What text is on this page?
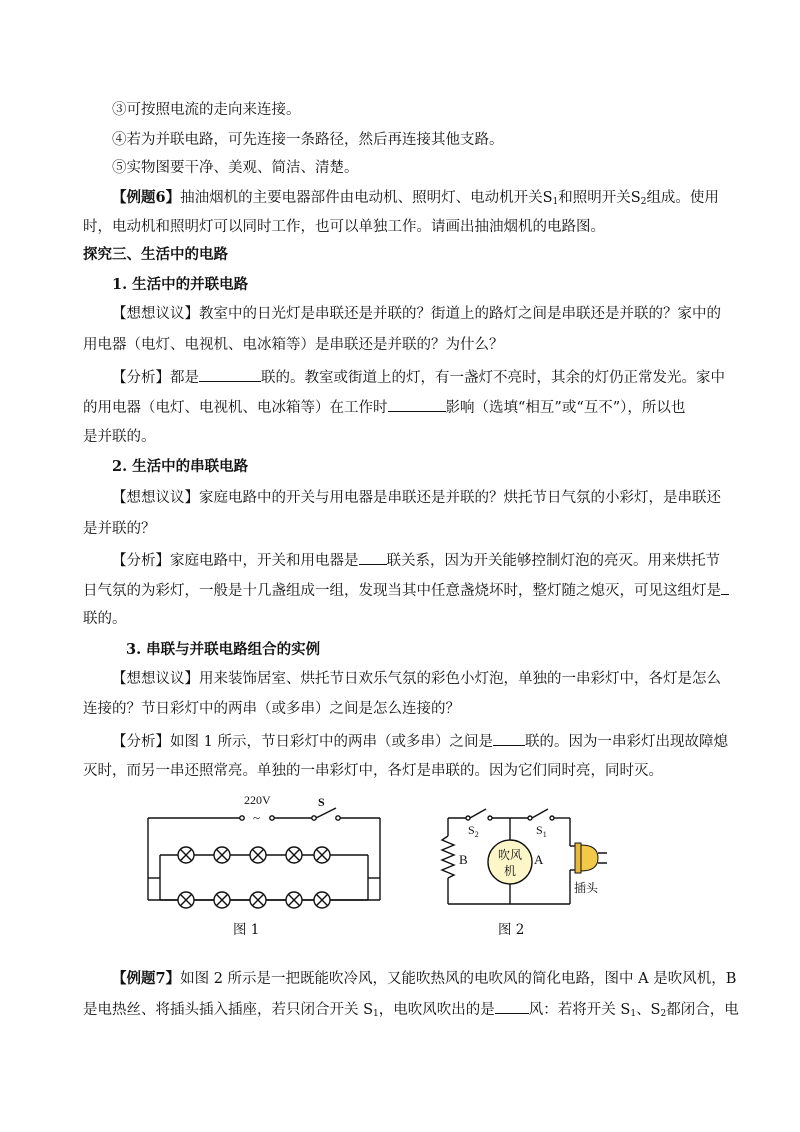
③可按照电流的走向来连接。
④若为并联电路，可先连接一条路径，然后再连接其他支路。
⑤实物图要干净、美观、简洁、清楚。
【例题6】抽油烟机的主要电器部件由电动机、照明灯、电动机开关$S_1$和照明开关$S_2$组成。使用
时，电动机和照明灯可以同时工作，也可以单独工作。请画出抽油烟机的电路图。
探究三、生活中的电路
1. 生活中的并联电路
【想想议议】教室中的日光灯是串联还是并联的？街道上的路灯之间是串联还是并联的？家中的
用电器（电灯、电视机、电冰箱等）是串联还是并联的？为什么？
【分析】都是	联的。教室或街道上的灯，有一盏灯不亮时，其余的灯仍正常发光。家中
的用电器（电灯、电视机、电冰箱等）在工作时	影响（选填“相互”或“互不”），所以也
是并联的。
2. 生活中的串联电路
【想想议议】家庭电路中的开关与用电器是串联还是并联的？烘托节日气氛的小彩灯，是串联还
是并联的？
【分析】家庭电路中，开关和用电器是 联关系，因为开关能够控制灯泡的亮灭。用来烘托节
日气氛的为彩灯，一般是十几盏组成一组，发现当其中任意盏烧坏时，整灯随之熄灭，可见这组灯是
联的。
3. 串联与并联电路组合的实例
【想想议议】用来装饰居室、烘托节日欢乐气氛的彩色小灯泡，单独的一串彩灯中，各灯是怎么
连接的？节日彩灯中的两串（或多串）之间是怎么连接的？
【分析】如图 1 所示，节日彩灯中的两串（或多串）之间是 联的。因为一串彩灯出现故障熄
灭时，而另一串还照常亮。单独的一串彩灯中，各灯是串联的。因为它们同时亮，同时灭。
220V
~
S
图 1
$S_2$	$S_1$
B	A
吹风
机
插头
图 2
【例题7】如图 2 所示是一把既能吹冷风，又能吹热风的电吹风的简化电路，图中 A 是吹风机，B
是电热丝、将插头插入插座，若只闭合开关 $S_1$，电吹风吹出的是 风：若将开关 $S_1$、$S_2$都闭合，电
